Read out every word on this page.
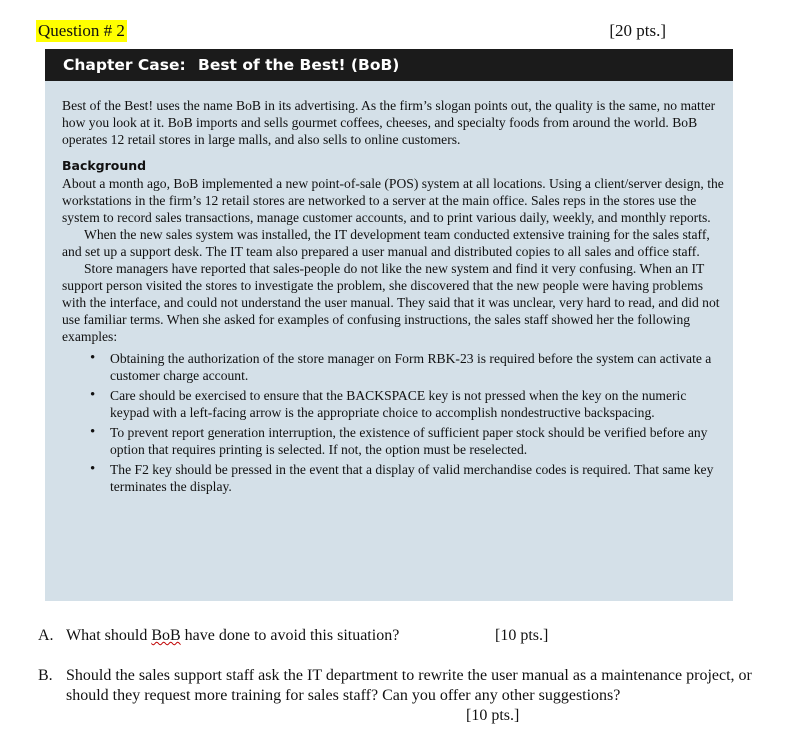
Question # 2	[20 pts.]
Chapter Case: Best of the Best! (BoB)

Best of the Best! uses the name BoB in its advertising. As the firm’s slogan points out, the quality is the same, no matter how you look at it. BoB imports and sells gourmet coffees, cheeses, and specialty foods from around the world. BoB operates 12 retail stores in large malls, and also sells to online customers.

Background

About a month ago, BoB implemented a new point-of-sale (POS) system at all locations. Using a client/server design, the workstations in the firm’s 12 retail stores are networked to a server at the main office. Sales reps in the stores use the system to record sales transactions, manage customer accounts, and to print various daily, weekly, and monthly reports.

When the new sales system was installed, the IT development team conducted extensive training for the sales staff, and set up a support desk. The IT team also prepared a user manual and distributed copies to all sales and office staff.

Store managers have reported that sales-people do not like the new system and find it very confusing. When an IT support person visited the stores to investigate the problem, she discovered that the new people were having problems with the interface, and could not understand the user manual. They said that it was unclear, very hard to read, and did not use familiar terms. When she asked for examples of confusing instructions, the sales staff showed her the following examples:

• Obtaining the authorization of the store manager on Form RBK-23 is required before the system can activate a customer charge account.
• Care should be exercised to ensure that the BACKSPACE key is not pressed when the key on the numeric keypad with a left-facing arrow is the appropriate choice to accomplish nondestructive backspacing.
• To prevent report generation interruption, the existence of sufficient paper stock should be verified before any option that requires printing is selected. If not, the option must be reselected.
• The F2 key should be pressed in the event that a display of valid merchandise codes is required. That same key terminates the display.
A. What should BoB have done to avoid this situation?	[10 pts.]
B. Should the sales support staff ask the IT department to rewrite the user manual as a maintenance project, or should they request more training for sales staff? Can you offer any other suggestions?
[10 pts.]
